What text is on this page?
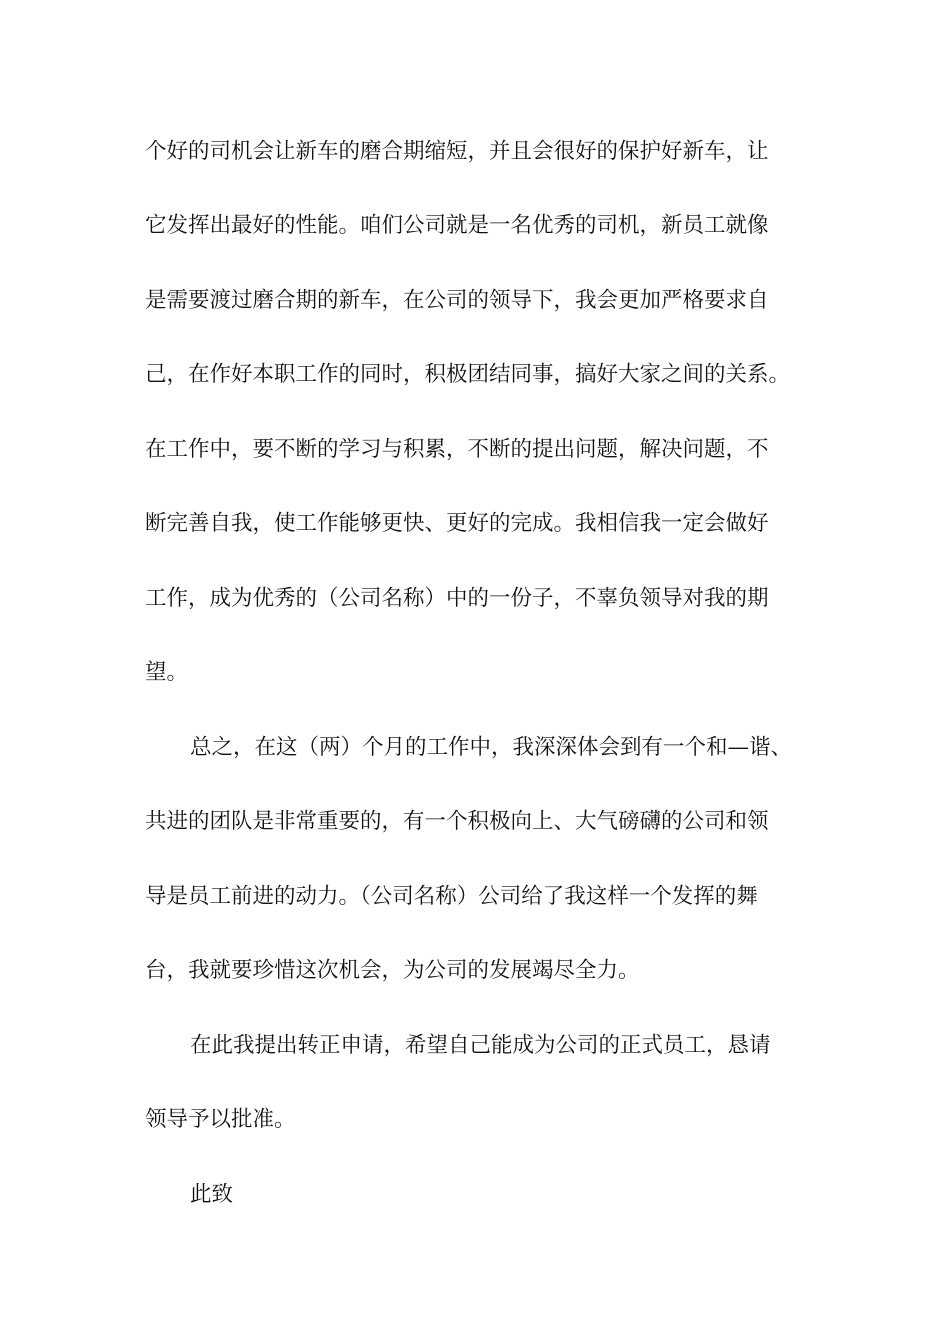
个好的司机会让新车的磨合期缩短，并且会很好的保护好新车，让
它发挥出最好的性能。咱们公司就是一名优秀的司机，新员工就像
是需要渡过磨合期的新车，在公司的领导下，我会更加严格要求自
己，在作好本职工作的同时，积极团结同事，搞好大家之间的关系。
在工作中，要不断的学习与积累，不断的提出问题，解决问题，不
断完善自我，使工作能够更快、更好的完成。我相信我一定会做好
工作，成为优秀的（公司名称）中的一份子，不辜负领导对我的期
望。
总之，在这（两）个月的工作中，我深深体会到有一个和—谐、
共进的团队是非常重要的，有一个积极向上、大气磅礴的公司和领
导是员工前进的动力。（公司名称）公司给了我这样一个发挥的舞
台，我就要珍惜这次机会，为公司的发展竭尽全力。
在此我提出转正申请，希望自己能成为公司的正式员工，恳请
领导予以批准。
此致
